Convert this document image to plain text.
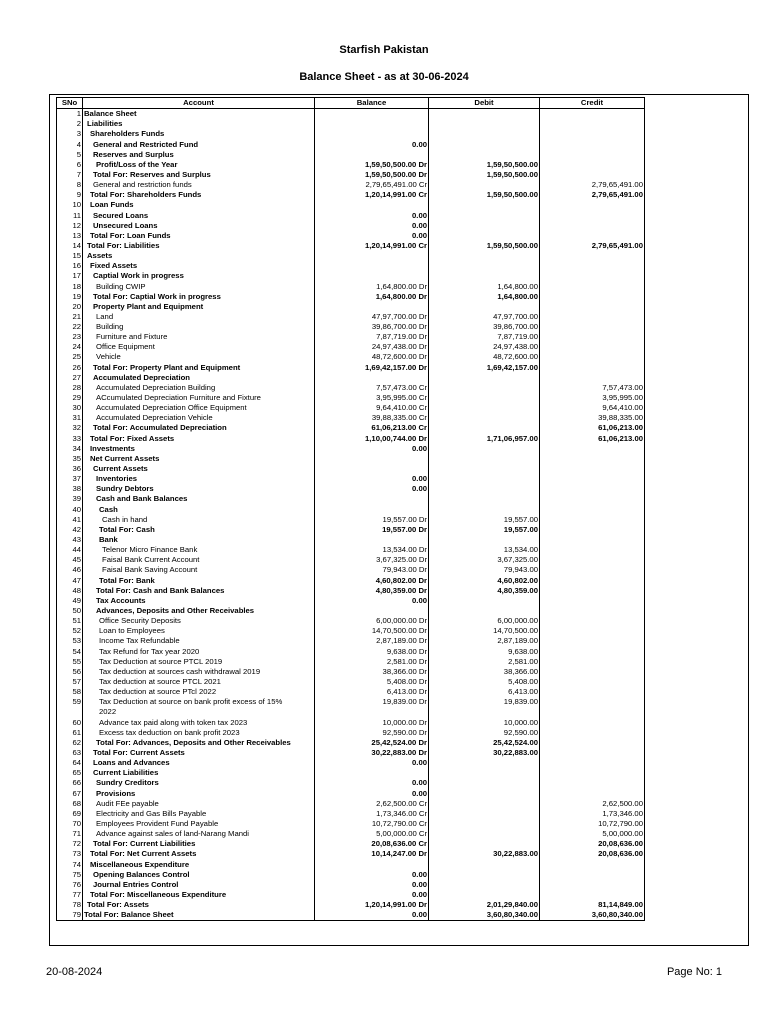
Starfish Pakistan
Balance Sheet - as at 30-06-2024
SNo	Account	Balance	Debit	Credit
1	Balance Sheet			
2	Liabilities			
3	Shareholders Funds			
4	General and Restricted Fund	0.00		
5	Reserves and Surplus			
6	Profit/Loss of the Year	1,59,50,500.00 Dr	1,59,50,500.00	
7	Total For: Reserves and Surplus	1,59,50,500.00 Dr	1,59,50,500.00	
8	General and restriction funds	2,79,65,491.00 Cr		2,79,65,491.00
9	Total For: Shareholders Funds	1,20,14,991.00 Cr	1,59,50,500.00	2,79,65,491.00
10	Loan Funds			
11	Secured Loans	0.00		
12	Unsecured Loans	0.00		
13	Total For: Loan Funds	0.00		
14	Total For: Liabilities	1,20,14,991.00 Cr	1,59,50,500.00	2,79,65,491.00
15	Assets			
16	Fixed Assets			
17	Captial Work in progress			
18	Building CWIP	1,64,800.00 Dr	1,64,800.00	
19	Total For: Captial Work in progress	1,64,800.00 Dr	1,64,800.00	
20	Property Plant and Equipment			
21	Land	47,97,700.00 Dr	47,97,700.00	
22	Building	39,86,700.00 Dr	39,86,700.00	
23	Furniture and Fixture	7,87,719.00 Dr	7,87,719.00	
24	Office Equipment	24,97,438.00 Dr	24,97,438.00	
25	Vehicle	48,72,600.00 Dr	48,72,600.00	
26	Total For: Property Plant and Equipment	1,69,42,157.00 Dr	1,69,42,157.00	
27	Accumulated Depreciation			
28	Accumulated Depreciation Building	7,57,473.00 Cr		7,57,473.00
29	ACcumulated Depreciation Furniture and Fixture	3,95,995.00 Cr		3,95,995.00
30	Accumulated Depreciation Office Equipment	9,64,410.00 Cr		9,64,410.00
31	Accumulated Depreciation Vehicle	39,88,335.00 Cr		39,88,335.00
32	Total For: Accumulated Depreciation	61,06,213.00 Cr		61,06,213.00
33	Total For: Fixed Assets	1,10,00,744.00 Dr	1,71,06,957.00	61,06,213.00
34	Investments	0.00		
35	Net Current Assets			
36	Current Assets			
37	Inventories	0.00		
38	Sundry Debtors	0.00		
39	Cash and Bank Balances			
40	Cash			
41	Cash in hand	19,557.00 Dr	19,557.00	
42	Total For: Cash	19,557.00 Dr	19,557.00	
43	Bank			
44	Telenor Micro Finance Bank	13,534.00 Dr	13,534.00	
45	Faisal Bank Current Account	3,67,325.00 Dr	3,67,325.00	
46	Faisal Bank Saving Account	79,943.00 Dr	79,943.00	
47	Total For: Bank	4,60,802.00 Dr	4,60,802.00	
48	Total For: Cash and Bank Balances	4,80,359.00 Dr	4,80,359.00	
49	Tax Accounts	0.00		
50	Advances, Deposits and Other Receivables			
51	Office Security Deposits	6,00,000.00 Dr	6,00,000.00	
52	Loan to Employees	14,70,500.00 Dr	14,70,500.00	
53	Income Tax Refundable	2,87,189.00 Dr	2,87,189.00	
54	Tax Refund for Tax year 2020	9,638.00 Dr	9,638.00	
55	Tax Deduction at source PTCL 2019	2,581.00 Dr	2,581.00	
56	Tax deduction at sources cash withdrawal 2019	38,366.00 Dr	38,366.00	
57	Tax deduction at source PTCL 2021	5,408.00 Dr	5,408.00	
58	Tax deduction at source PTcl 2022	6,413.00 Dr	6,413.00	
59	Tax Deduction at source on bank profit excess of 15%	19,839.00 Dr	19,839.00	
	2022			
60	Advance tax paid along with token tax 2023	10,000.00 Dr	10,000.00	
61	Excess tax deduction on bank profit 2023	92,590.00 Dr	92,590.00	
62	Total For: Advances, Deposits and Other Receivables	25,42,524.00 Dr	25,42,524.00	
63	Total For: Current Assets	30,22,883.00 Dr	30,22,883.00	
64	Loans and Advances	0.00		
65	Current Liabilities			
66	Sundry Creditors	0.00		
67	Provisions	0.00		
68	Audit FEe payable	2,62,500.00 Cr		2,62,500.00
69	Electricity and Gas Bills Payable	1,73,346.00 Cr		1,73,346.00
70	Employees Provident Fund Payable	10,72,790.00 Cr		10,72,790.00
71	Advance against sales of land-Narang Mandi	5,00,000.00 Cr		5,00,000.00
72	Total For: Current Liabilities	20,08,636.00 Cr		20,08,636.00
73	Total For: Net Current Assets	10,14,247.00 Dr	30,22,883.00	20,08,636.00
74	Miscellaneous Expenditure			
75	Opening Balances Control	0.00		
76	Journal Entries Control	0.00		
77	Total For: Miscellaneous Expenditure	0.00		
78	Total For: Assets	1,20,14,991.00 Dr	2,01,29,840.00	81,14,849.00
79	Total For: Balance Sheet	0.00	3,60,80,340.00	3,60,80,340.00
20-08-2024	Page No: 1
